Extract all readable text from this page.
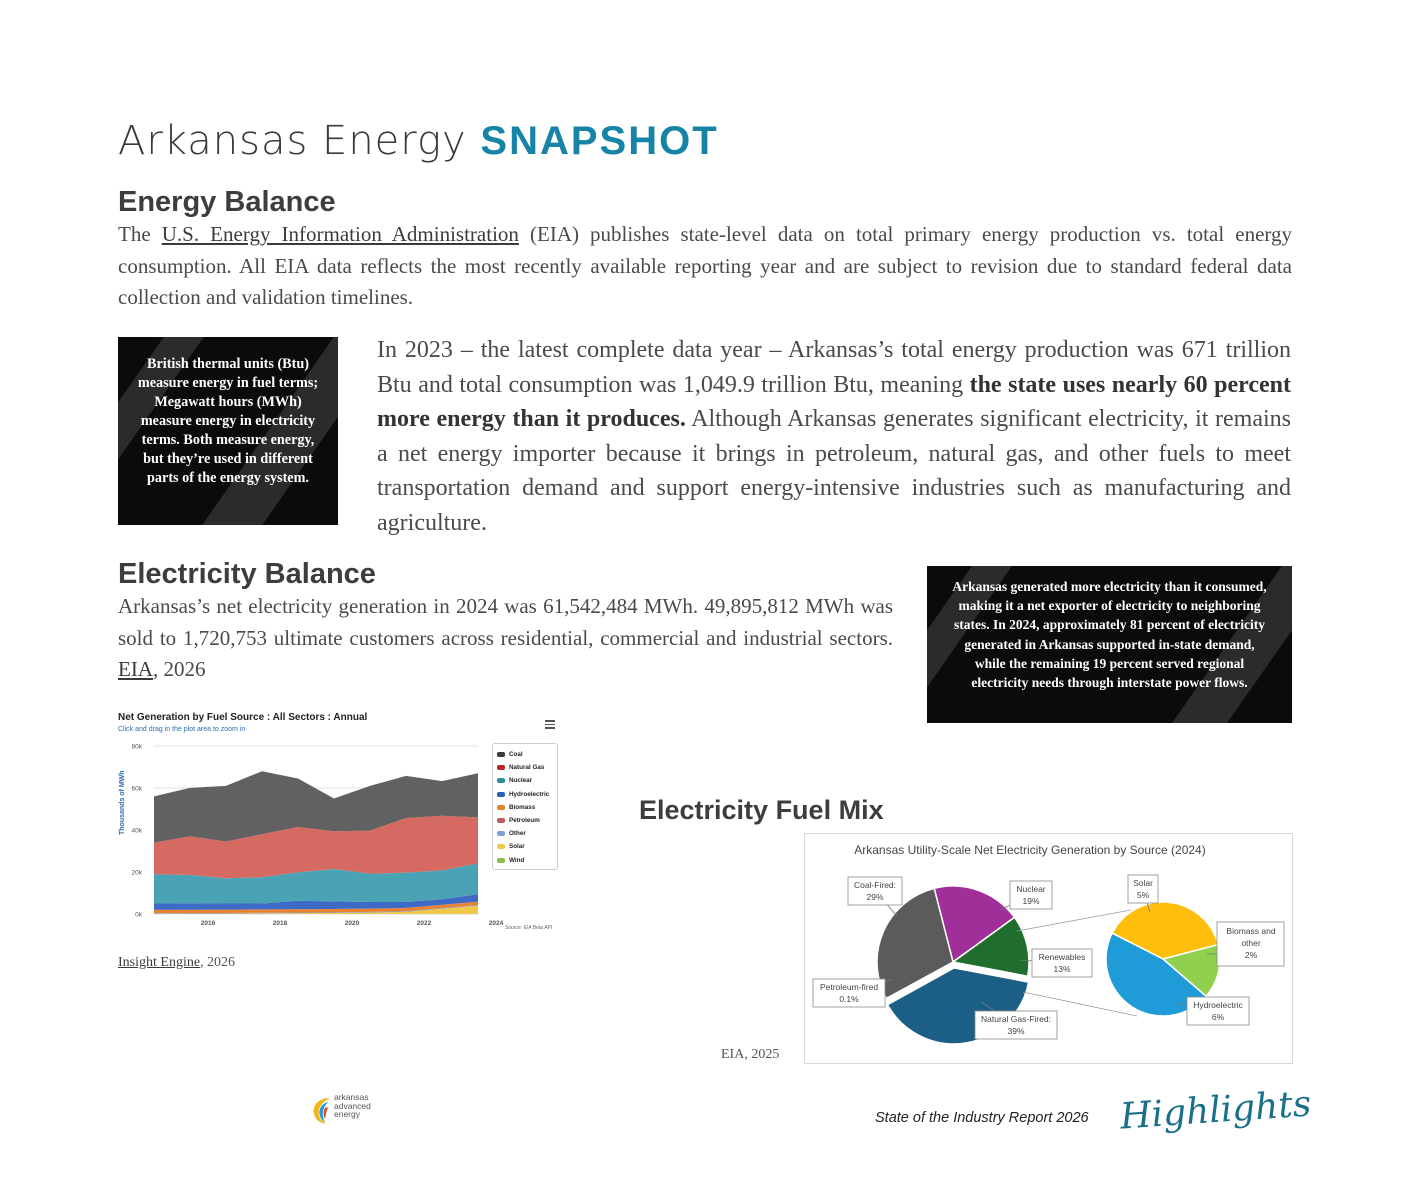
Arkansas Energy SNAPSHOT
Energy Balance
The U.S. Energy Information Administration (EIA) publishes state-level data on total primary energy production vs. total energy consumption. All EIA data reflects the most recently available reporting year and are subject to revision due to standard federal data collection and validation timelines.
British thermal units (Btu) measure energy in fuel terms; Megawatt hours (MWh) measure energy in electricity terms. Both measure energy, but they’re used in different parts of the energy system.
In 2023 – the latest complete data year – Arkansas’s total energy production was 671 trillion Btu and total consumption was 1,049.9 trillion Btu, meaning the state uses nearly 60 percent more energy than it produces. Although Arkansas generates significant electricity, it remains a net energy importer because it brings in petroleum, natural gas, and other fuels to meet transportation demand and support energy-intensive industries such as manufacturing and agriculture.
Electricity Balance
Arkansas’s net electricity generation in 2024 was 61,542,484 MWh. 49,895,812 MWh was sold to 1,720,753 ultimate customers across residential, commercial and industrial sectors. EIA, 2026
Arkansas generated more electricity than it consumed, making it a net exporter of electricity to neighboring states. In 2024, approximately 81 percent of electricity generated in Arkansas supported in-state demand, while the remaining 19 percent served regional electricity needs through interstate power flows.
Net Generation by Fuel Source : All Sectors : Annual
Click and drag in the plot area to zoom in
0k
20k
40k
60k
80k
2016	2018	2020	2022	2024
Thousands of MWh
Coal
Natural Gas
Nuclear
Hydroelectric
Biomass
Petroleum
Other
Solar
Wind
Source: EIA Beta API
Insight Engine, 2026
Electricity Fuel Mix
Arkansas Utility-Scale Net Electricity Generation by Source (2024)
Coal-Fired:
29%
Nuclear
19%
Renewables
13%
Natural Gas-Fired:
39%
Petroleum-fired
0.1%
Solar
5%
Biomass and
other
2%
Hydroelectric
6%
EIA, 2025
arkansas
advanced
energy	State of the Industry Report 2026 Highlights
